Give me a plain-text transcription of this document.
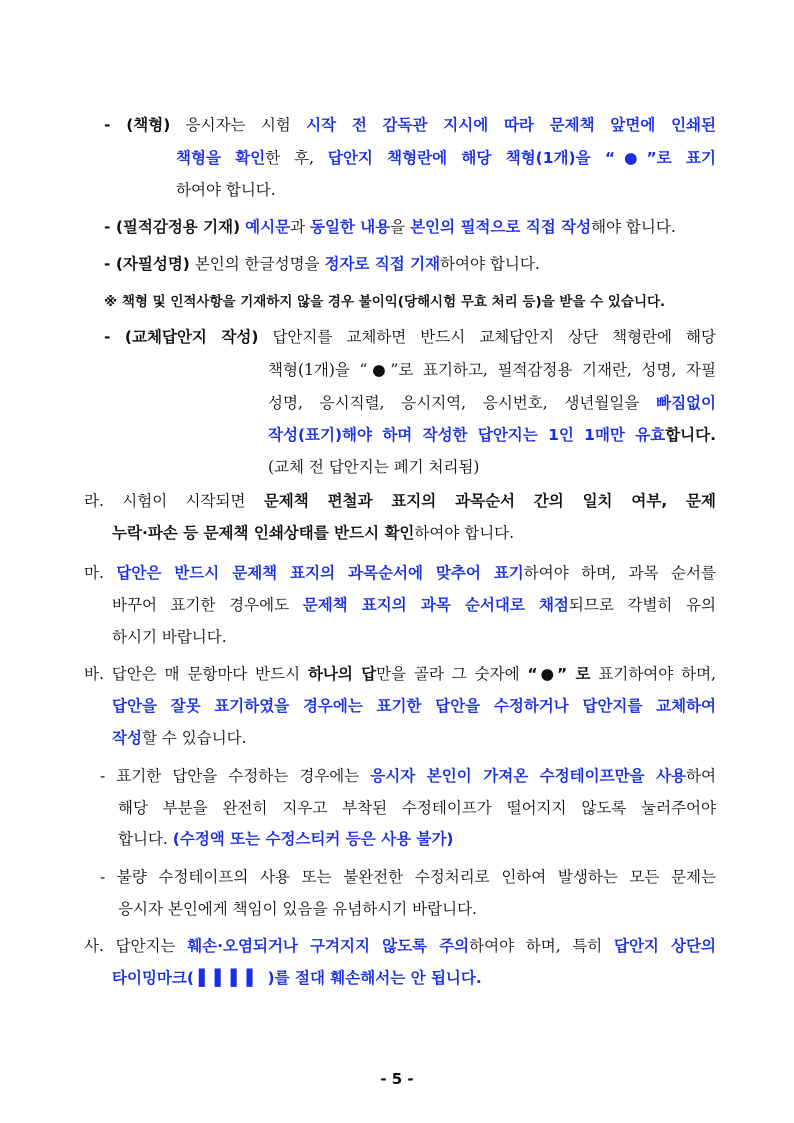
- (책형) 응시자는 시험 시작 전 감독관 지시에 따라 문제책 앞면에 인쇄된
책형을 확인한 후, 답안지 책형란에 해당 책형(1개)을 “●”로 표기
하여야 합니다.
- (필적감정용 기재) 예시문과 동일한 내용을 본인의 필적으로 직접 작성해야 합니다.
- (자필성명) 본인의 한글성명을 정자로 직접 기재하여야 합니다.
※ 책형 및 인적사항을 기재하지 않을 경우 불이익(당해시험 무효 처리 등)을 받을 수 있습니다.
- (교체답안지 작성) 답안지를 교체하면 반드시 교체답안지 상단 책형란에 해당
책형(1개)을 “●”로 표기하고, 필적감정용 기재란, 성명, 자필
성명, 응시직렬, 응시지역, 응시번호, 생년월일을 빠짐없이
작성(표기)해야 하며 작성한 답안지는 1인 1매만 유효합니다.
(교체 전 답안지는 폐기 처리됨)
라. 시험이 시작되면 문제책 편철과 표지의 과목순서 간의 일치 여부, 문제
누락·파손 등 문제책 인쇄상태를 반드시 확인하여야 합니다.
마. 답안은 반드시 문제책 표지의 과목순서에 맞추어 표기하여야 하며, 과목 순서를
바꾸어 표기한 경우에도 문제책 표지의 과목 순서대로 채점되므로 각별히 유의
하시기 바랍니다.
바. 답안은 매 문항마다 반드시 하나의 답만을 골라 그 숫자에 “●” 로 표기하여야 하며,
답안을 잘못 표기하였을 경우에는 표기한 답안을 수정하거나 답안지를 교체하여
작성할 수 있습니다.
- 표기한 답안을 수정하는 경우에는 응시자 본인이 가져온 수정테이프만을 사용하여
해당 부분을 완전히 지우고 부착된 수정테이프가 떨어지지 않도록 눌러주어야
합니다. (수정액 또는 수정스티커 등은 사용 불가)
- 불량 수정테이프의 사용 또는 불완전한 수정처리로 인하여 발생하는 모든 문제는
응시자 본인에게 책임이 있음을 유념하시기 바랍니다.
사. 답안지는 훼손·오염되거나 구겨지지 않도록 주의하여야 하며, 특히 답안지 상단의
타이밍마크( ▌▌▌▌ )를 절대 훼손해서는 안 됩니다.
- 5 -
